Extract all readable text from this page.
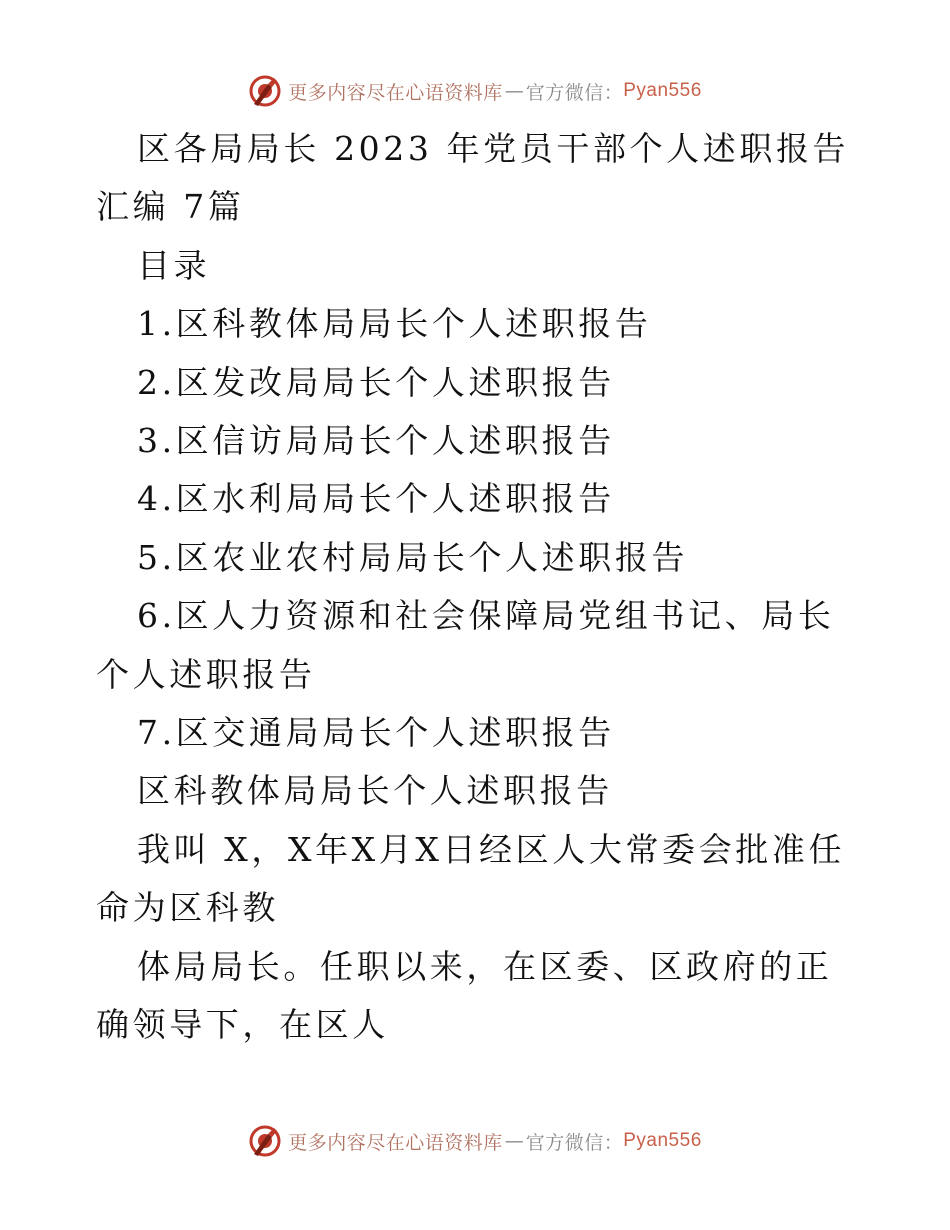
更多内容尽在心语资料库 — 官方微信： Pyan556

区各局局长 2023 年党员干部个人述职报告汇编 7篇

目录

1.区科教体局局长个人述职报告

2.区发改局局长个人述职报告

3.区信访局局长个人述职报告

4.区水利局局长个人述职报告

5.区农业农村局局长个人述职报告

6.区人力资源和社会保障局党组书记、局长个人述职报告

7.区交通局局长个人述职报告

区科教体局局长个人述职报告

我叫 X，X年X月X日经区人大常委会批准任命为区科教

体局局长。任职以来，在区委、区政府的正确领导下，在区人

更多内容尽在心语资料库 — 官方微信： Pyan556
